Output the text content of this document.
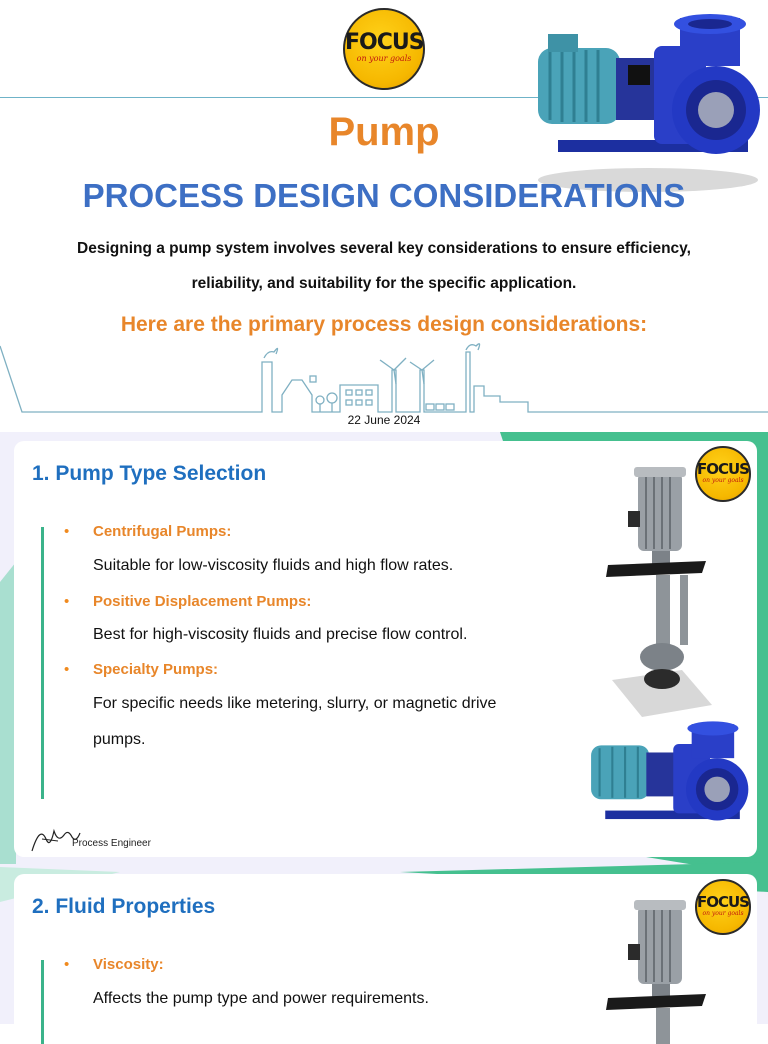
FOCUS
on your goals
Pump
PROCESS DESIGN CONSIDERATIONS
Designing a pump system involves several key considerations to ensure efficiency,
reliability, and suitability for the specific application.
Here are the primary process design considerations:
22 June 2024
1. Pump Type Selection
• Centrifugal Pumps:
Suitable for low-viscosity fluids and high flow rates.
• Positive Displacement Pumps:
Best for high-viscosity fluids and precise flow control.
• Specialty Pumps:
For specific needs like metering, slurry, or magnetic drive
pumps.
FOCUS
on your goals
Process Engineer
2. Fluid Properties
• Viscosity:
Affects the pump type and power requirements.
FOCUS
on your goals
